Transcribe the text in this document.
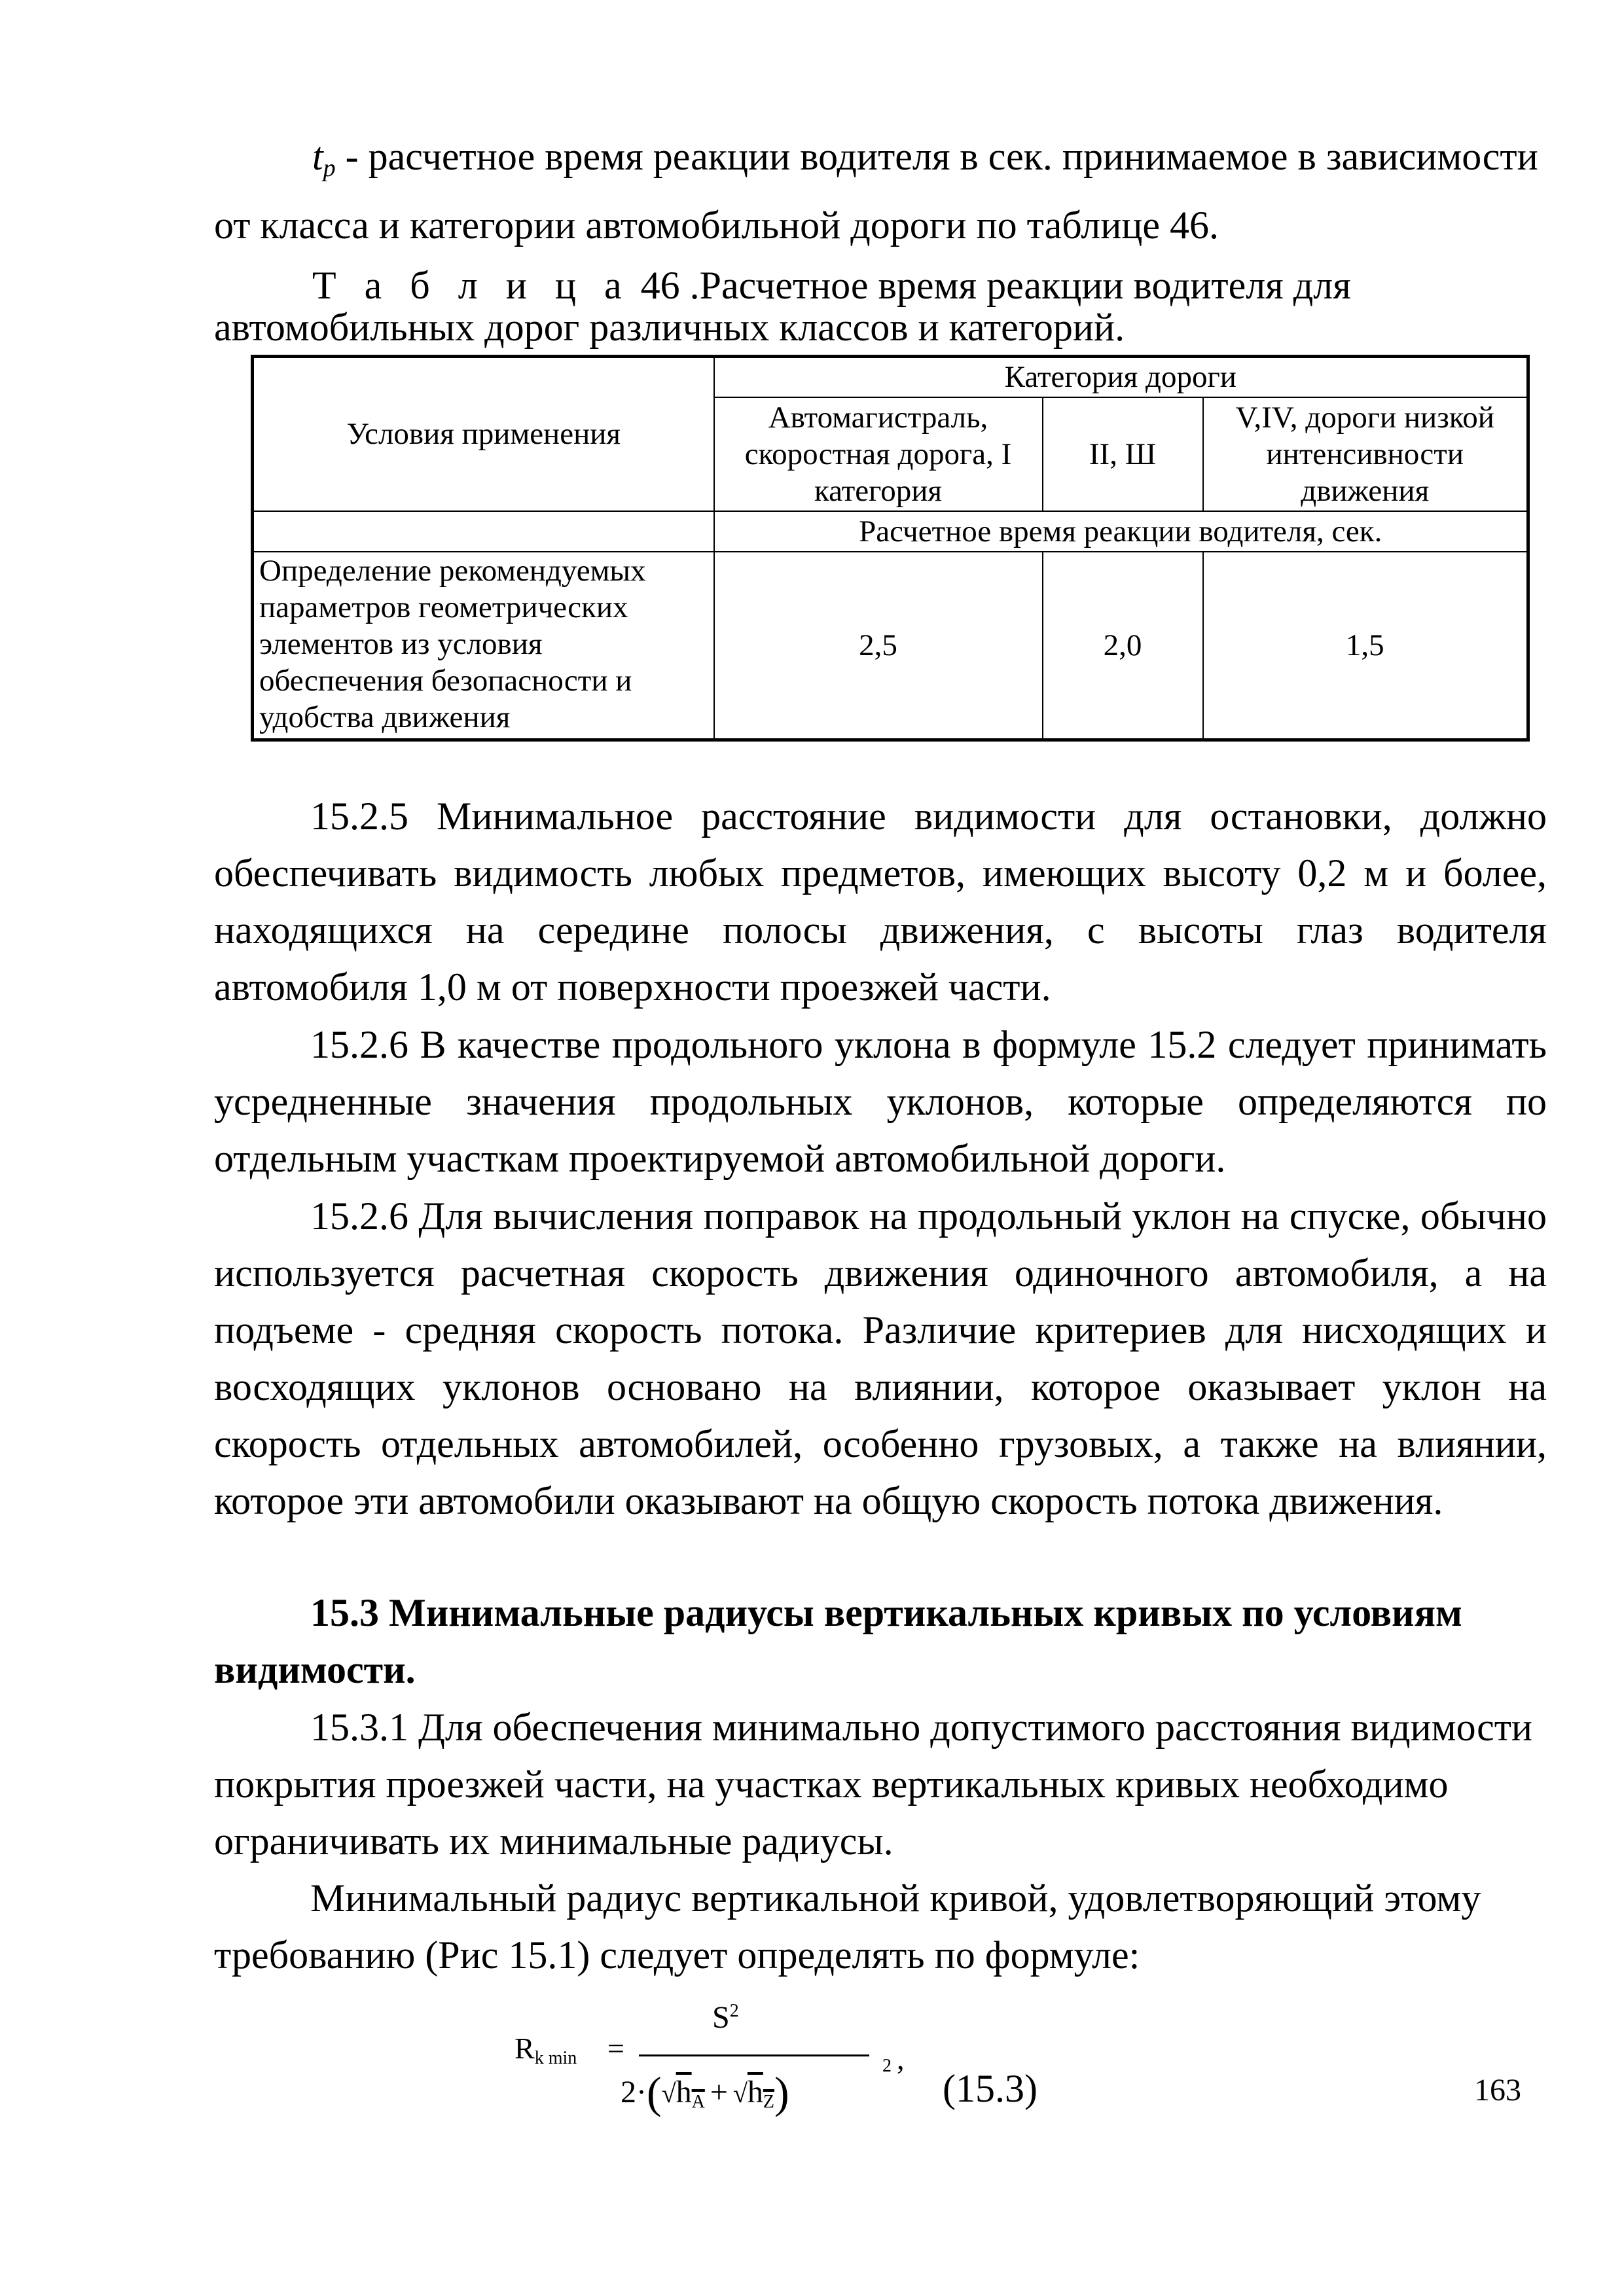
$t_p$ - расчетное время реакции водителя в сек. принимаемое в зависимости
от класса и категории автомобильной дороги по таблице 46.

Т а б л и ц а 46 .Расчетное время реакции водителя для автомобильных дорог различных классов и категорий.

Условия применения	Категория дороги		
	Автомагистраль, скоростная дорога, I категория	II, Ш	V,IV, дороги низкой интенсивности движения
	Расчетное время реакции водителя, сек.		
Определение рекомендуемых параметров геометрических элементов из условия обеспечения безопасности и удобства движения	2,5	2,0	1,5

15.2.5 Минимальное расстояние видимости для остановки, должно обеспечивать видимость любых предметов, имеющих высоту 0,2 м и более, находящихся на середине полосы движения, с высоты глаз водителя автомобиля 1,0 м от поверхности проезжей части.

15.2.6 В качестве продольного уклона в формуле 15.2 следует принимать усредненные значения продольных уклонов, которые определяются по отдельным участкам проектируемой автомобильной дороги.

15.2.6 Для вычисления поправок на продольный уклон на спуске, обычно используется расчетная скорость движения одиночного автомобиля, а на подъеме - средняя скорость потока. Различие критериев для нисходящих и восходящих уклонов основано на влиянии, которое оказывает уклон на скорость отдельных автомобилей, особенно грузовых, а также на влиянии, которое эти автомобили оказывают на общую скорость потока движения.

15.3 Минимальные радиусы вертикальных кривых по условиям видимости.

15.3.1 Для обеспечения минимально допустимого расстояния видимости покрытия проезжей части, на участках вертикальных кривых необходимо ограничивать их минимальные радиусы.

Минимальный радиус вертикальной кривой, удовлетворяющий этому требованию (Рис 15.1) следует определять по формуле:

Rk min =
$S^2$
2·(√hA + √hZ)
2 ,
(15.3)	163
